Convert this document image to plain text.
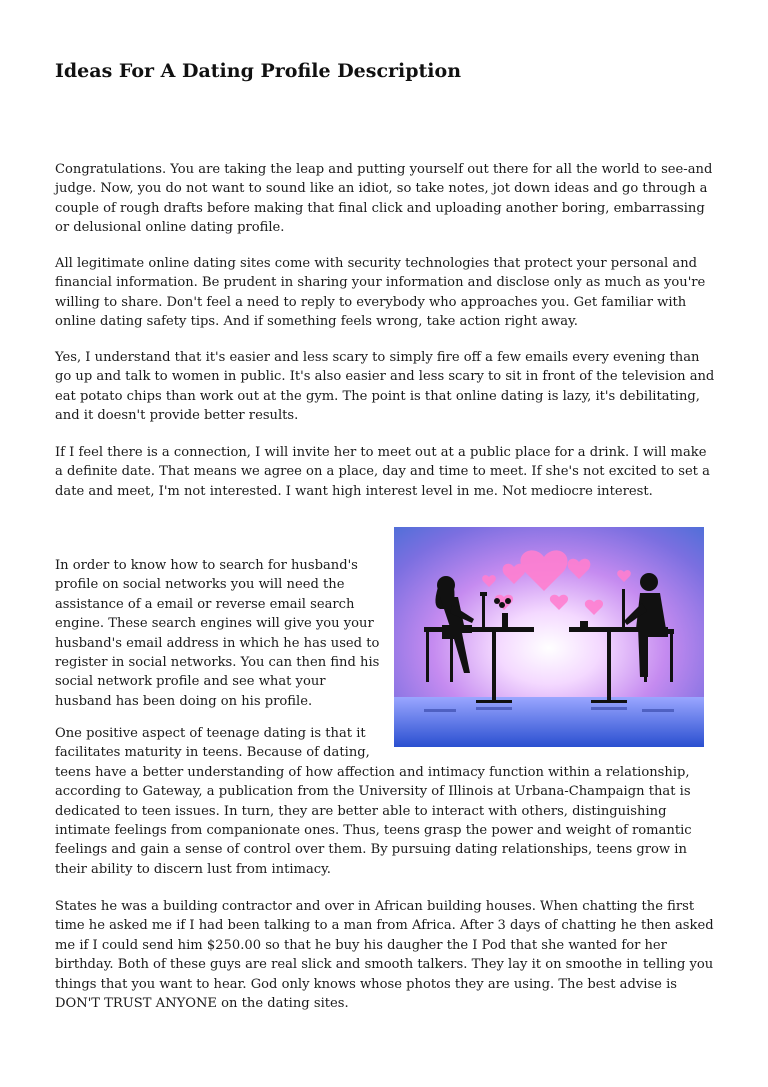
Ideas For A Dating Profile Description

Congratulations. You are taking the leap and putting yourself out there for all the world to see-and judge. Now, you do not want to sound like an idiot, so take notes, jot down ideas and go through a couple of rough drafts before making that final click and uploading another boring, embarrassing or delusional online dating profile.

All legitimate online dating sites come with security technologies that protect your personal and financial information. Be prudent in sharing your information and disclose only as much as you're willing to share. Don't feel a need to reply to everybody who approaches you. Get familiar with online dating safety tips. And if something feels wrong, take action right away.

Yes, I understand that it's easier and less scary to simply fire off a few emails every evening than go up and talk to women in public. It's also easier and less scary to sit in front of the television and eat potato chips than work out at the gym. The point is that online dating is lazy, it's debilitating, and it doesn't provide better results.

If I feel there is a connection, I will invite her to meet out at a public place for a drink. I will make a definite date. That means we agree on a place, day and time to meet. If she's not excited to set a date and meet, I'm not interested. I want high interest level in me. Not mediocre interest.

In order to know how to search for husband's profile on social networks you will need the assistance of a email or reverse email search engine. These search engines will give you your husband's email address in which he has used to register in social networks. You can then find his social network profile and see what your husband has been doing on his profile.

One positive aspect of teenage dating is that it facilitates maturity in teens. Because of dating, teens have a better understanding of how affection and intimacy function within a relationship, according to Gateway, a publication from the University of Illinois at Urbana-Champaign that is dedicated to teen issues. In turn, they are better able to interact with others, distinguishing intimate feelings from companionate ones. Thus, teens grasp the power and weight of romantic feelings and gain a sense of control over them. By pursuing dating relationships, teens grow in their ability to discern lust from intimacy.

States he was a building contractor and over in African building houses. When chatting the first time he asked me if I had been talking to a man from Africa. After 3 days of chatting he then asked me if I could send him $250.00 so that he buy his daugher the I Pod that she wanted for her birthday. Both of these guys are real slick and smooth talkers. They lay it on smoothe in telling you things that you want to hear. God only knows whose photos they are using. The best advise is DON'T TRUST ANYONE on the dating sites.
